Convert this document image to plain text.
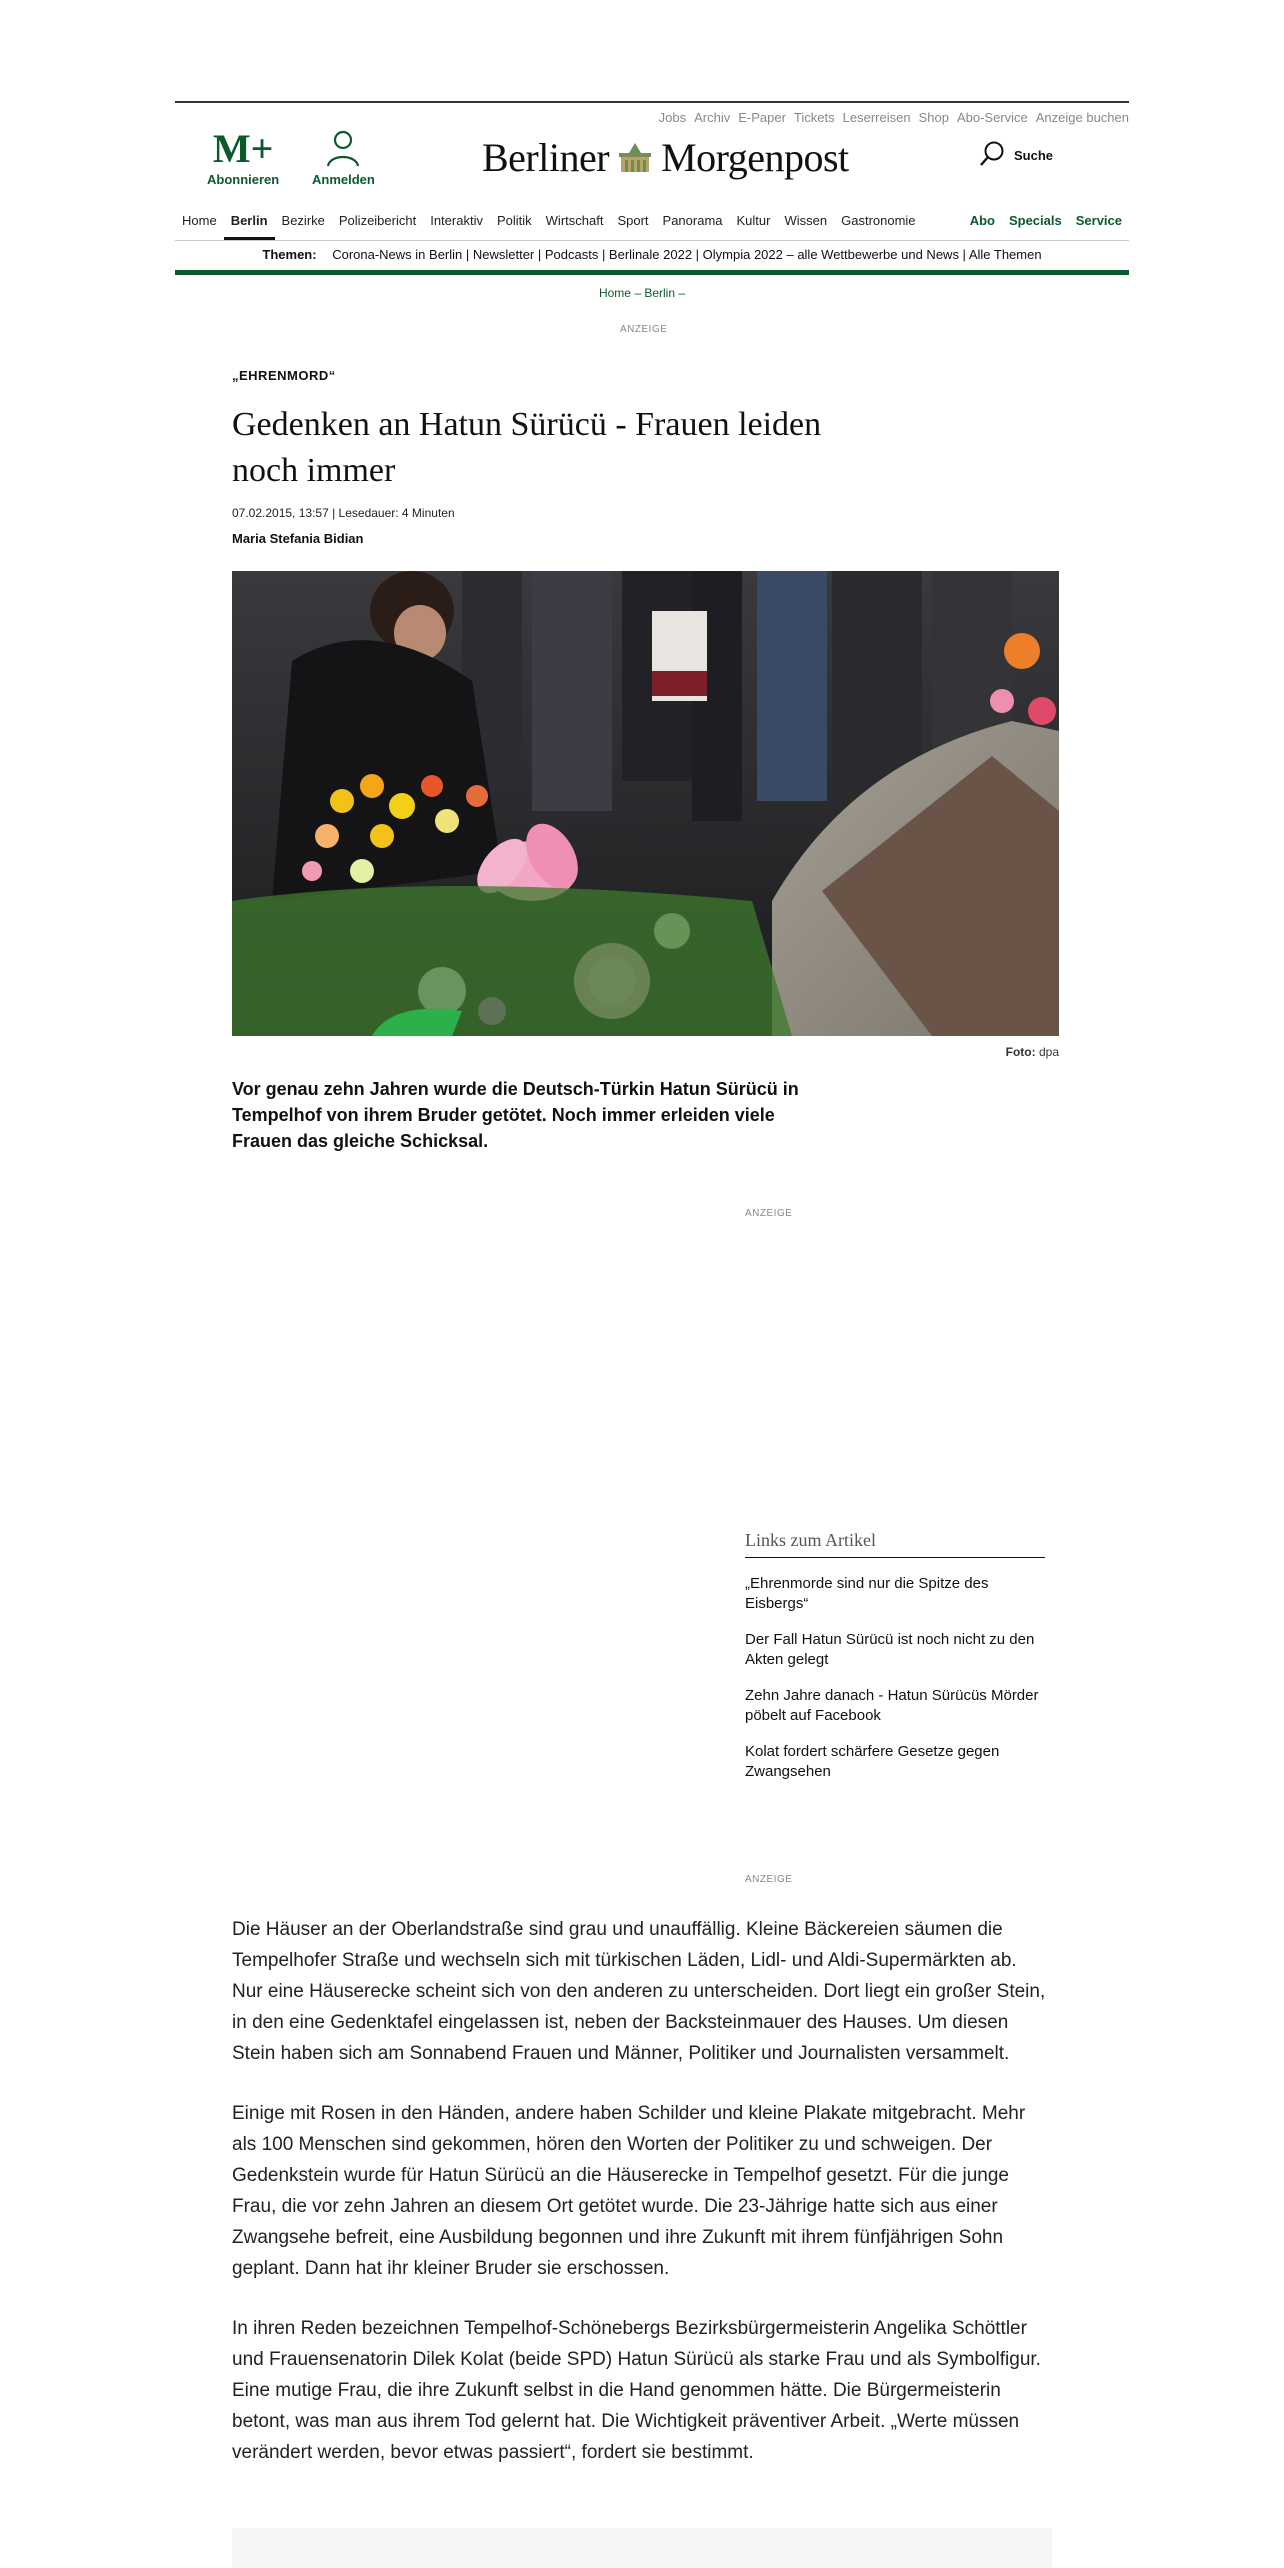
Jobs Archiv E-Paper Tickets Leserreisen Shop Abo-Service Anzeige buchen
M+
Abonnieren	Anmelden	Berliner Morgenpost	Suche
Home	Berlin	Bezirke	Polizeibericht	Interaktiv	Politik	Wirtschaft	Sport	Panorama	Kultur	Wissen	Gastronomie	Abo	Specials	Service
Themen: Corona-News in Berlin | Newsletter | Podcasts | Berlinale 2022 | Olympia 2022 – alle Wettbewerbe und News | Alle Themen
Home – Berlin –
ANZEIGE
„EHRENMORD“
Gedenken an Hatun Sürücü - Frauen leiden noch immer
07.02.2015, 13:57 | Lesedauer: 4 Minuten
Maria Stefania Bidian
Foto: dpa

Vor genau zehn Jahren wurde die Deutsch-Türkin Hatun Sürücü in Tempelhof von ihrem Bruder getötet. Noch immer erleiden viele Frauen das gleiche Schicksal.

ANZEIGE
Links zum Artikel
„Ehrenmorde sind nur die Spitze des Eisbergs“
Der Fall Hatun Sürücü ist noch nicht zu den Akten gelegt
Zehn Jahre danach - Hatun Sürücüs Mörder pöbelt auf Facebook
Kolat fordert schärfere Gesetze gegen Zwangsehen
ANZEIGE

Die Häuser an der Oberlandstraße sind grau und unauffällig. Kleine Bäckereien säumen die Tempelhofer Straße und wechseln sich mit türkischen Läden, Lidl- und Aldi-Supermärkten ab. Nur eine Häuserecke scheint sich von den anderen zu unterscheiden. Dort liegt ein großer Stein, in den eine Gedenktafel eingelassen ist, neben der Backsteinmauer des Hauses. Um diesen Stein haben sich am Sonnabend Frauen und Männer, Politiker und Journalisten versammelt.

Einige mit Rosen in den Händen, andere haben Schilder und kleine Plakate mitgebracht. Mehr als 100 Menschen sind gekommen, hören den Worten der Politiker zu und schweigen. Der Gedenkstein wurde für Hatun Sürücü an die Häuserecke in Tempelhof gesetzt. Für die junge Frau, die vor zehn Jahren an diesem Ort getötet wurde. Die 23-Jährige hatte sich aus einer Zwangsehe befreit, eine Ausbildung begonnen und ihre Zukunft mit ihrem fünfjährigen Sohn geplant. Dann hat ihr kleiner Bruder sie erschossen.

In ihren Reden bezeichnen Tempelhof-Schönebergs Bezirksbürgermeisterin Angelika Schöttler und Frauensenatorin Dilek Kolat (beide SPD) Hatun Sürücü als starke Frau und als Symbolfigur. Eine mutige Frau, die ihre Zukunft selbst in die Hand genommen hätte. Die Bürgermeisterin betont, was man aus ihrem Tod gelernt hat. Die Wichtigkeit präventiver Arbeit. „Werte müssen verändert werden, bevor etwas passiert“, fordert sie bestimmt.
